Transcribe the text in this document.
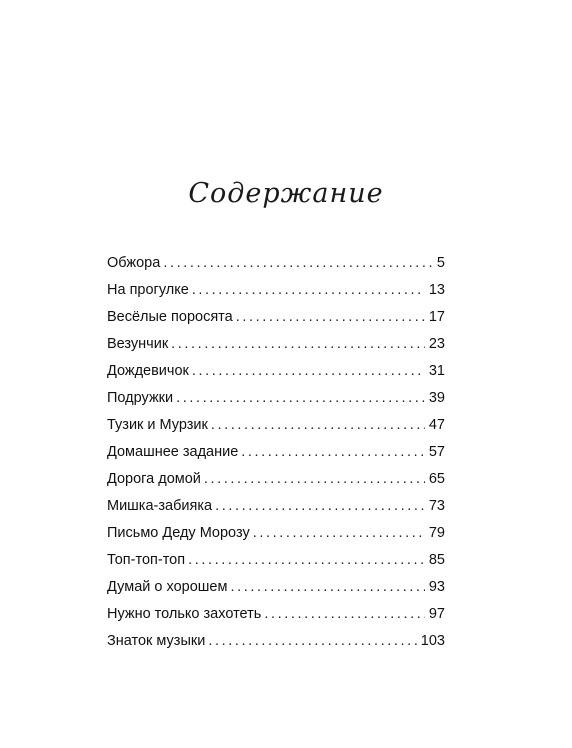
Содержание
Обжора .....	5
На прогулке .....	13
Весёлые поросята .....	17
Везунчик .....	23
Дождевичок .....	31
Подружки .....	39
Тузик и Мурзик .....	47
Домашнее задание .....	57
Дорога домой .....	65
Мишка-забияка .....	73
Письмо Деду Морозу .....	79
Топ-топ-топ .....	85
Думай о хорошем .....	93
Нужно только захотеть .....	97
Знаток музыки .....	103
